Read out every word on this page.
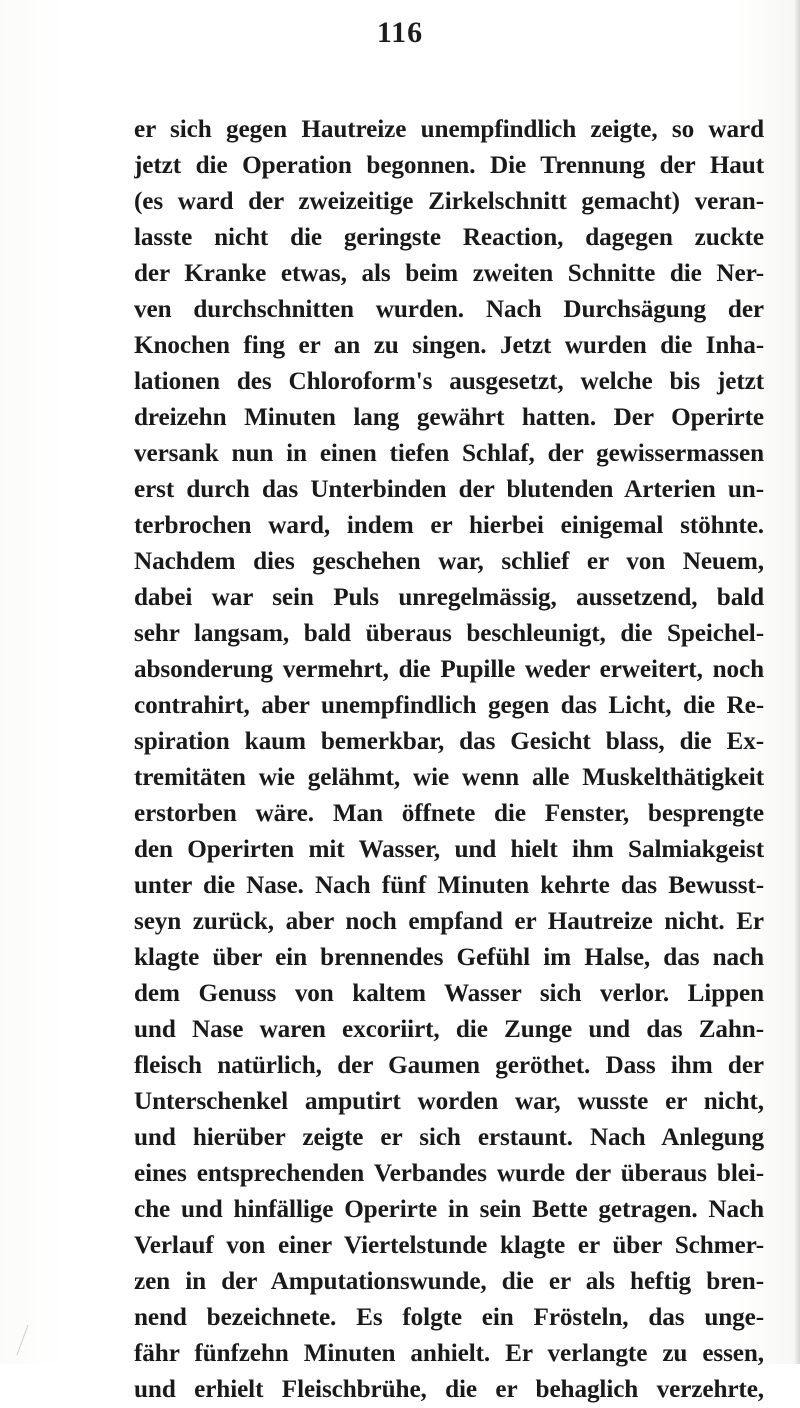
116
er sich gegen Hautreize unempfindlich zeigte, so ward
jetzt die Operation begonnen. Die Trennung der Haut
(es ward der zweizeitige Zirkelschnitt gemacht) veran-
lasste nicht die geringste Reaction, dagegen zuckte
der Kranke etwas, als beim zweiten Schnitte die Ner-
ven durchschnitten wurden. Nach Durchsägung der
Knochen fing er an zu singen. Jetzt wurden die Inha-
lationen des Chloroform's ausgesetzt, welche bis jetzt
dreizehn Minuten lang gewährt hatten. Der Operirte
versank nun in einen tiefen Schlaf, der gewissermassen
erst durch das Unterbinden der blutenden Arterien un-
terbrochen ward, indem er hierbei einigemal stöhnte.
Nachdem dies geschehen war, schlief er von Neuem,
dabei war sein Puls unregelmässig, aussetzend, bald
sehr langsam, bald überaus beschleunigt, die Speichel-
absonderung vermehrt, die Pupille weder erweitert, noch
contrahirt, aber unempfindlich gegen das Licht, die Re-
spiration kaum bemerkbar, das Gesicht blass, die Ex-
tremitäten wie gelähmt, wie wenn alle Muskelthätigkeit
erstorben wäre. Man öffnete die Fenster, besprengte
den Operirten mit Wasser, und hielt ihm Salmiakgeist
unter die Nase. Nach fünf Minuten kehrte das Bewusst-
seyn zurück, aber noch empfand er Hautreize nicht. Er
klagte über ein brennendes Gefühl im Halse, das nach
dem Genuss von kaltem Wasser sich verlor. Lippen
und Nase waren excoriirt, die Zunge und das Zahn-
fleisch natürlich, der Gaumen geröthet. Dass ihm der
Unterschenkel amputirt worden war, wusste er nicht,
und hierüber zeigte er sich erstaunt. Nach Anlegung
eines entsprechenden Verbandes wurde der überaus blei-
che und hinfällige Operirte in sein Bette getragen. Nach
Verlauf von einer Viertelstunde klagte er über Schmer-
zen in der Amputationswunde, die er als heftig bren-
nend bezeichnete. Es folgte ein Frösteln, das unge-
fähr fünfzehn Minuten anhielt. Er verlangte zu essen,
und erhielt Fleischbrühe, die er behaglich verzehrte,
